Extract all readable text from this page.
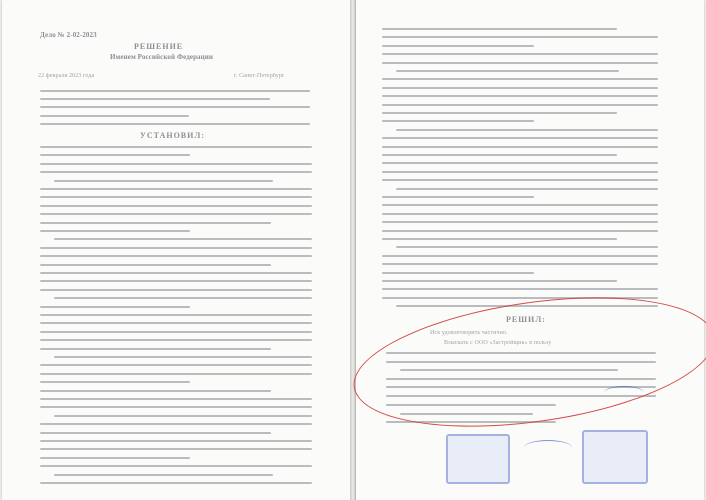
Дело № 2-02-2023
РЕШЕНИЕ
Именем Российской Федерации
22 февраля 2023 года	г. Санкт-Петербург
УСТАНОВИЛ:
РЕШИЛ:
Иск удовлетворить частично.
Взыскать с ООО «Застройщик» в пользу
